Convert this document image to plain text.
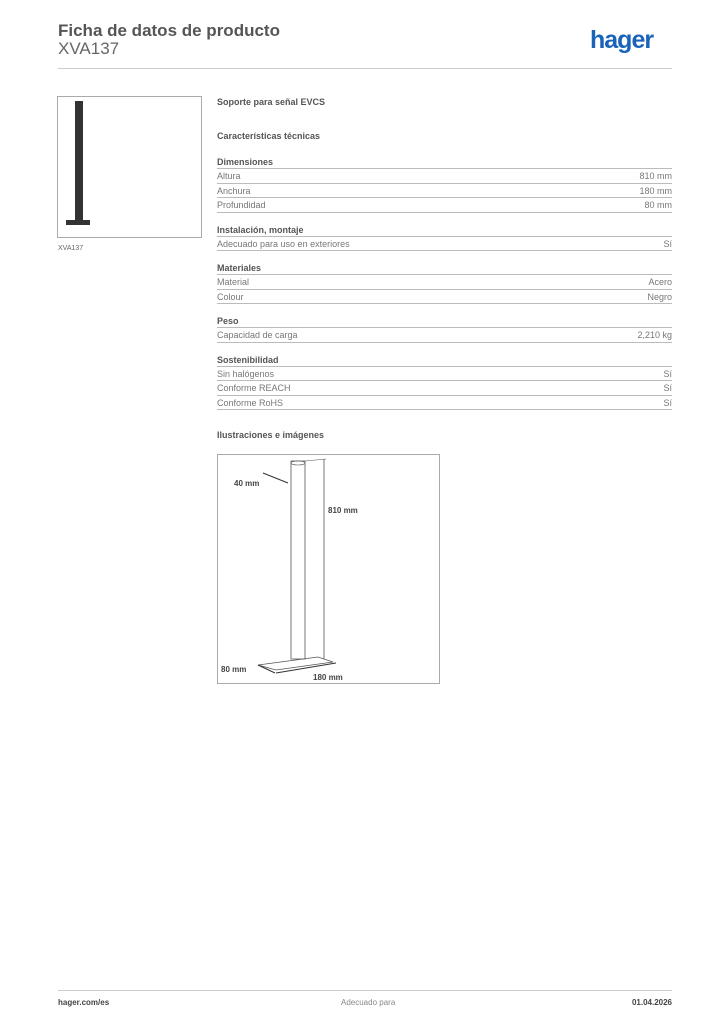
Ficha de datos de producto
XVA137	hager
XVA137
Soporte para señal EVCS
Características técnicas
Dimensiones
Altura	810 mm
Anchura	180 mm
Profundidad	80 mm
Instalación, montaje
Adecuado para uso en exteriores	Sí
Materiales
Material	Acero
Colour	Negro
Peso
Capacidad de carga	2,210 kg
Sostenibilidad
Sin halógenos	Sí
Conforme REACH	Sí
Conforme RoHS	Sí
Ilustraciones e imágenes
40 mm
810 mm
80 mm
180 mm
hager.com/es	Adecuado para	01.04.2026
